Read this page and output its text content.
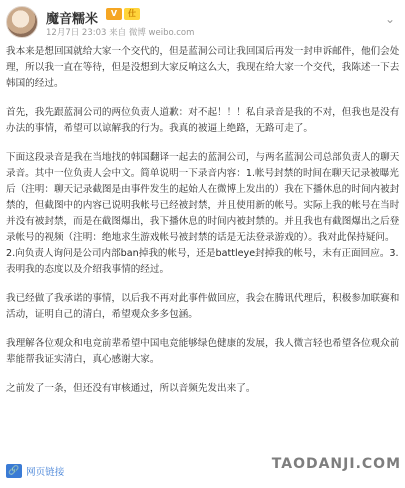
魔音糯米	V	仕
12月7日 23:03 来自 微博 weibo.com
⌄

我本来是想回国就给大家一个交代的，但是蓝洞公司让我回国后再发一封申诉邮件，他们会处理，所以我一直在等待，但是没想到大家反响这么大，我现在给大家一个交代，我陈述一下去韩国的经过。

首先，我先跟蓝洞公司的两位负责人道歉：对不起！！！私自录音是我的不对，但我也是没有办法的事情，希望可以谅解我的行为。我真的被逼上绝路，无路可走了。

下面这段录音是我在当地找的韩国翻译一起去的蓝洞公司，与两名蓝洞公司总部负责人的聊天录音。其中一位负责人会中文。简单说明一下录音内容：1.帐号封禁的时间在聊天记录被曝光后（注明：聊天记录截图是由事件发生的起始人在微博上发出的）我在下播休息的时间内被封禁的，但截图中的内容已说明我帐号已经被封禁，并且使用新的帐号。实际上我的帐号在当时并没有被封禁，而是在截图爆出，我下播休息的时间内被封禁的。并且我也有截图爆出之后登录帐号的视频（注明：绝地求生游戏帐号被封禁的话是无法登录游戏的）。我对此保持疑问。2.向负责人询问是公司内部ban掉我的帐号，还是battleye封掉我的帐号，未有正面回应。3.表明我的态度以及介绍我事情的经过。

我已经做了我承诺的事情，以后我不再对此事件做回应，我会在腾讯代理后，积极参加联赛和活动，证明自己的清白，希望观众多多包涵。

我理解各位观众和电竞前辈希望中国电竞能够绿色健康的发展，我人微言轻也希望各位观众前辈能帮我证实清白，真心感谢大家。

之前发了一条，但还没有审核通过，所以音频先发出来了。

🔗 网页链接
TAODANJI.COM
